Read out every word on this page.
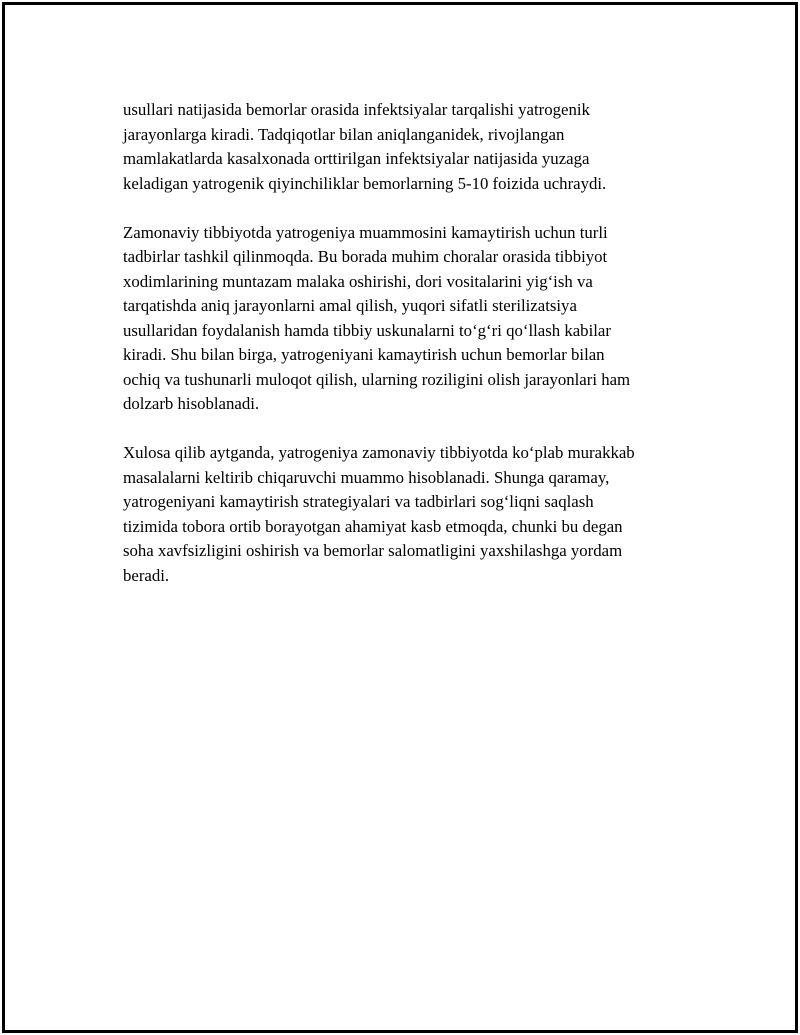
usullari natijasida bemorlar orasida infektsiyalar tarqalishi yatrogenik
jarayonlarga kiradi. Tadqiqotlar bilan aniqlanganidek, rivojlangan
mamlakatlarda kasalxonada orttirilgan infektsiyalar natijasida yuzaga
keladigan yatrogenik qiyinchiliklar bemorlarning 5-10 foizida uchraydi.

Zamonaviy tibbiyotda yatrogeniya muammosini kamaytirish uchun turli
tadbirlar tashkil qilinmoqda. Bu borada muhim choralar orasida tibbiyot
xodimlarining muntazam malaka oshirishi, dori vositalarini yig‘ish va
tarqatishda aniq jarayonlarni amal qilish, yuqori sifatli sterilizatsiya
usullaridan foydalanish hamda tibbiy uskunalarni to‘g‘ri qo‘llash kabilar
kiradi. Shu bilan birga, yatrogeniyani kamaytirish uchun bemorlar bilan
ochiq va tushunarli muloqot qilish, ularning roziligini olish jarayonlari ham
dolzarb hisoblanadi.

Xulosa qilib aytganda, yatrogeniya zamonaviy tibbiyotda ko‘plab murakkab
masalalarni keltirib chiqaruvchi muammo hisoblanadi. Shunga qaramay,
yatrogeniyani kamaytirish strategiyalari va tadbirlari sog‘liqni saqlash
tizimida tobora ortib borayotgan ahamiyat kasb etmoqda, chunki bu degan
soha xavfsizligini oshirish va bemorlar salomatligini yaxshilashga yordam
beradi.
